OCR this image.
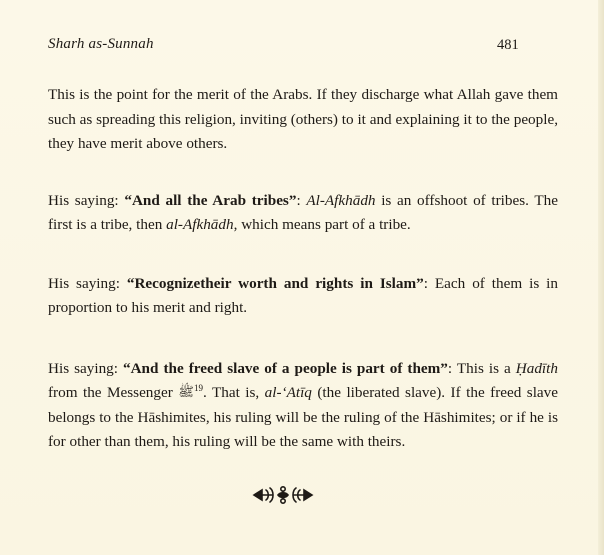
Sharh as-Sunnah	481

This is the point for the merit of the Arabs. If they discharge what Allah gave them such as spreading this religion, inviting (others) to it and explaining it to the people, they have merit above others.

His saying: “And all the Arab tribes”: Al-Afkhādh is an offshoot of tribes. The first is a tribe, then al-Afkhādh, which means part of a tribe.

His saying: “Recognizetheir worth and rights in Islam”: Each of them is in proportion to his merit and right.

His saying: “And the freed slave of a people is part of them”: This is a Ḥadīth from the Messenger ﷺ$^{19}$. That is, al-‘Atīq (the liberated slave). If the freed slave belongs to the Hāshimites, his ruling will be the ruling of the Hāshimites; or if he is for other than them, his ruling will be the same with theirs.
